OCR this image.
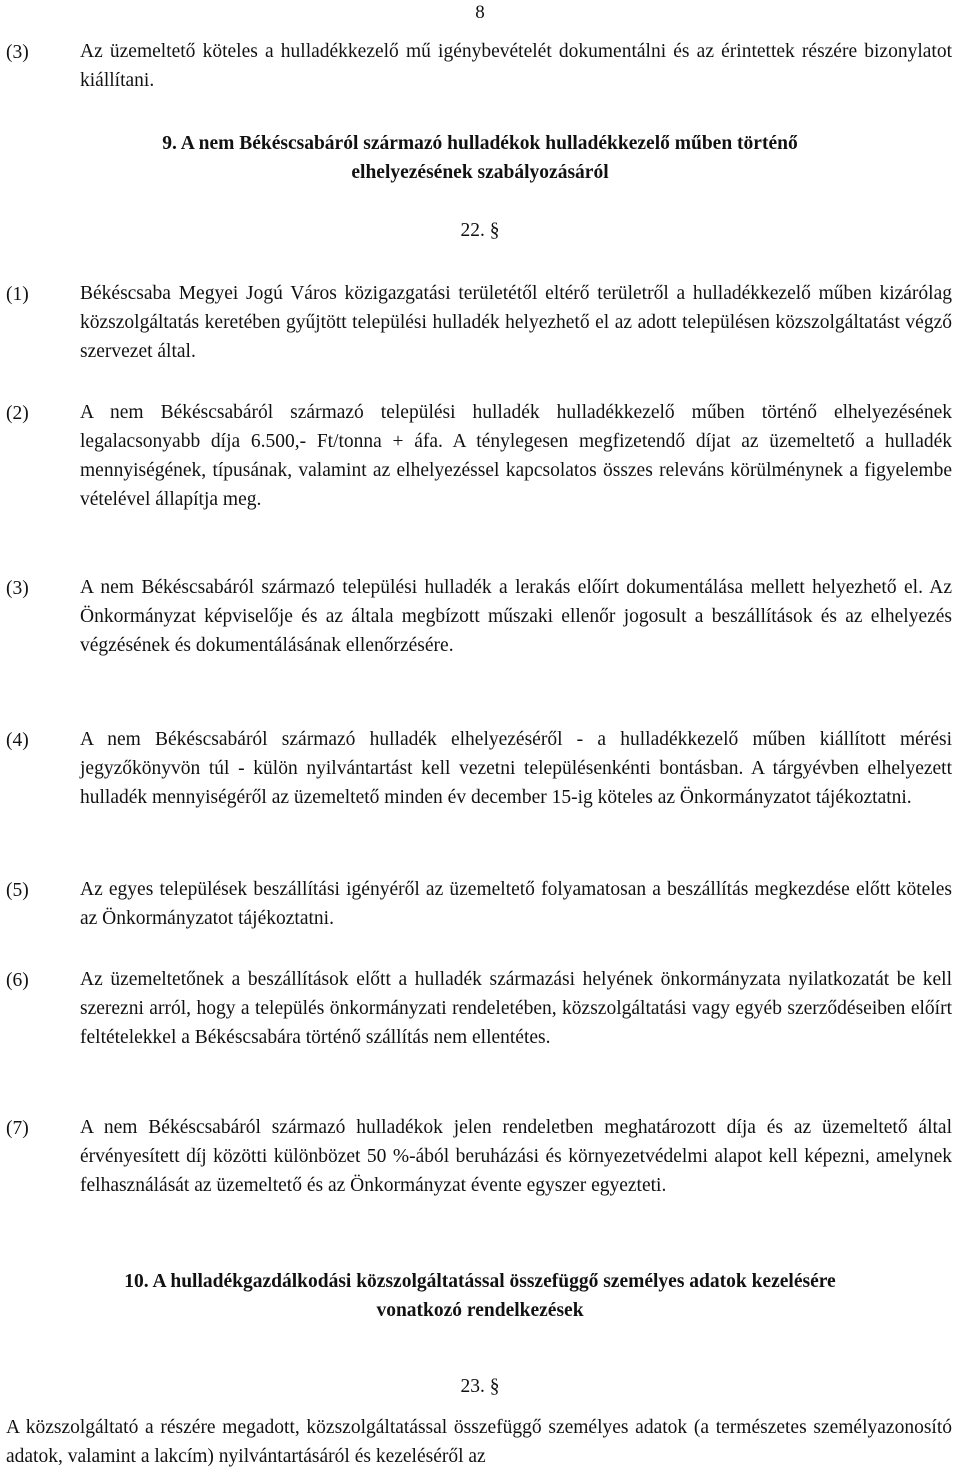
8
(3)	Az üzemeltető köteles a hulladékkezelő mű igénybevételét dokumentálni és az érintettek részére bizonylatot kiállítani.
9. A nem Békéscsabáról származó hulladékok hulladékkezelő műben történő
elhelyezésének szabályozásáról
22. §
(1)	Békéscsaba Megyei Jogú Város közigazgatási területétől eltérő területről a hulladékkezelő műben kizárólag közszolgáltatás keretében gyűjtött települési hulladék helyezhető el az adott településen közszolgáltatást végző szervezet által.
(2)	A nem Békéscsabáról származó települési hulladék hulladékkezelő műben történő elhelyezésének legalacsonyabb díja 6.500,- Ft/tonna + áfa. A ténylegesen megfizetendő díjat az üzemeltető a hulladék mennyiségének, típusának, valamint az elhelyezéssel kapcsolatos összes releváns körülménynek a figyelembe vételével állapítja meg.
(3)	A nem Békéscsabáról származó települési hulladék a lerakás előírt dokumentálása mellett helyezhető el. Az Önkormányzat képviselője és az általa megbízott műszaki ellenőr jogosult a beszállítások és az elhelyezés végzésének és dokumentálásának ellenőrzésére.
(4)	A nem Békéscsabáról származó hulladék elhelyezéséről - a hulladékkezelő műben kiállított mérési jegyzőkönyvön túl - külön nyilvántartást kell vezetni településenkénti bontásban. A tárgyévben elhelyezett hulladék mennyiségéről az üzemeltető minden év december 15-ig köteles az Önkormányzatot tájékoztatni.
(5)	Az egyes települések beszállítási igényéről az üzemeltető folyamatosan a beszállítás megkezdése előtt köteles az Önkormányzatot tájékoztatni.
(6)	Az üzemeltetőnek a beszállítások előtt a hulladék származási helyének önkormányzata nyilatkozatát be kell szerezni arról, hogy a település önkormányzati rendeletében, közszolgáltatási vagy egyéb szerződéseiben előírt feltételekkel a Békéscsabára történő szállítás nem ellentétes.
(7)	A nem Békéscsabáról származó hulladékok jelen rendeletben meghatározott díja és az üzemeltető által érvényesített díj közötti különbözet 50 %-ából beruházási és környezetvédelmi alapot kell képezni, amelynek felhasználását az üzemeltető és az Önkormányzat évente egyszer egyezteti.
10. A hulladékgazdálkodási közszolgáltatással összefüggő személyes adatok kezelésére
vonatkozó rendelkezések
23. §
A közszolgáltató a részére megadott, közszolgáltatással összefüggő személyes adatok (a természetes személyazonosító adatok, valamint a lakcím) nyilvántartásáról és kezeléséről az
